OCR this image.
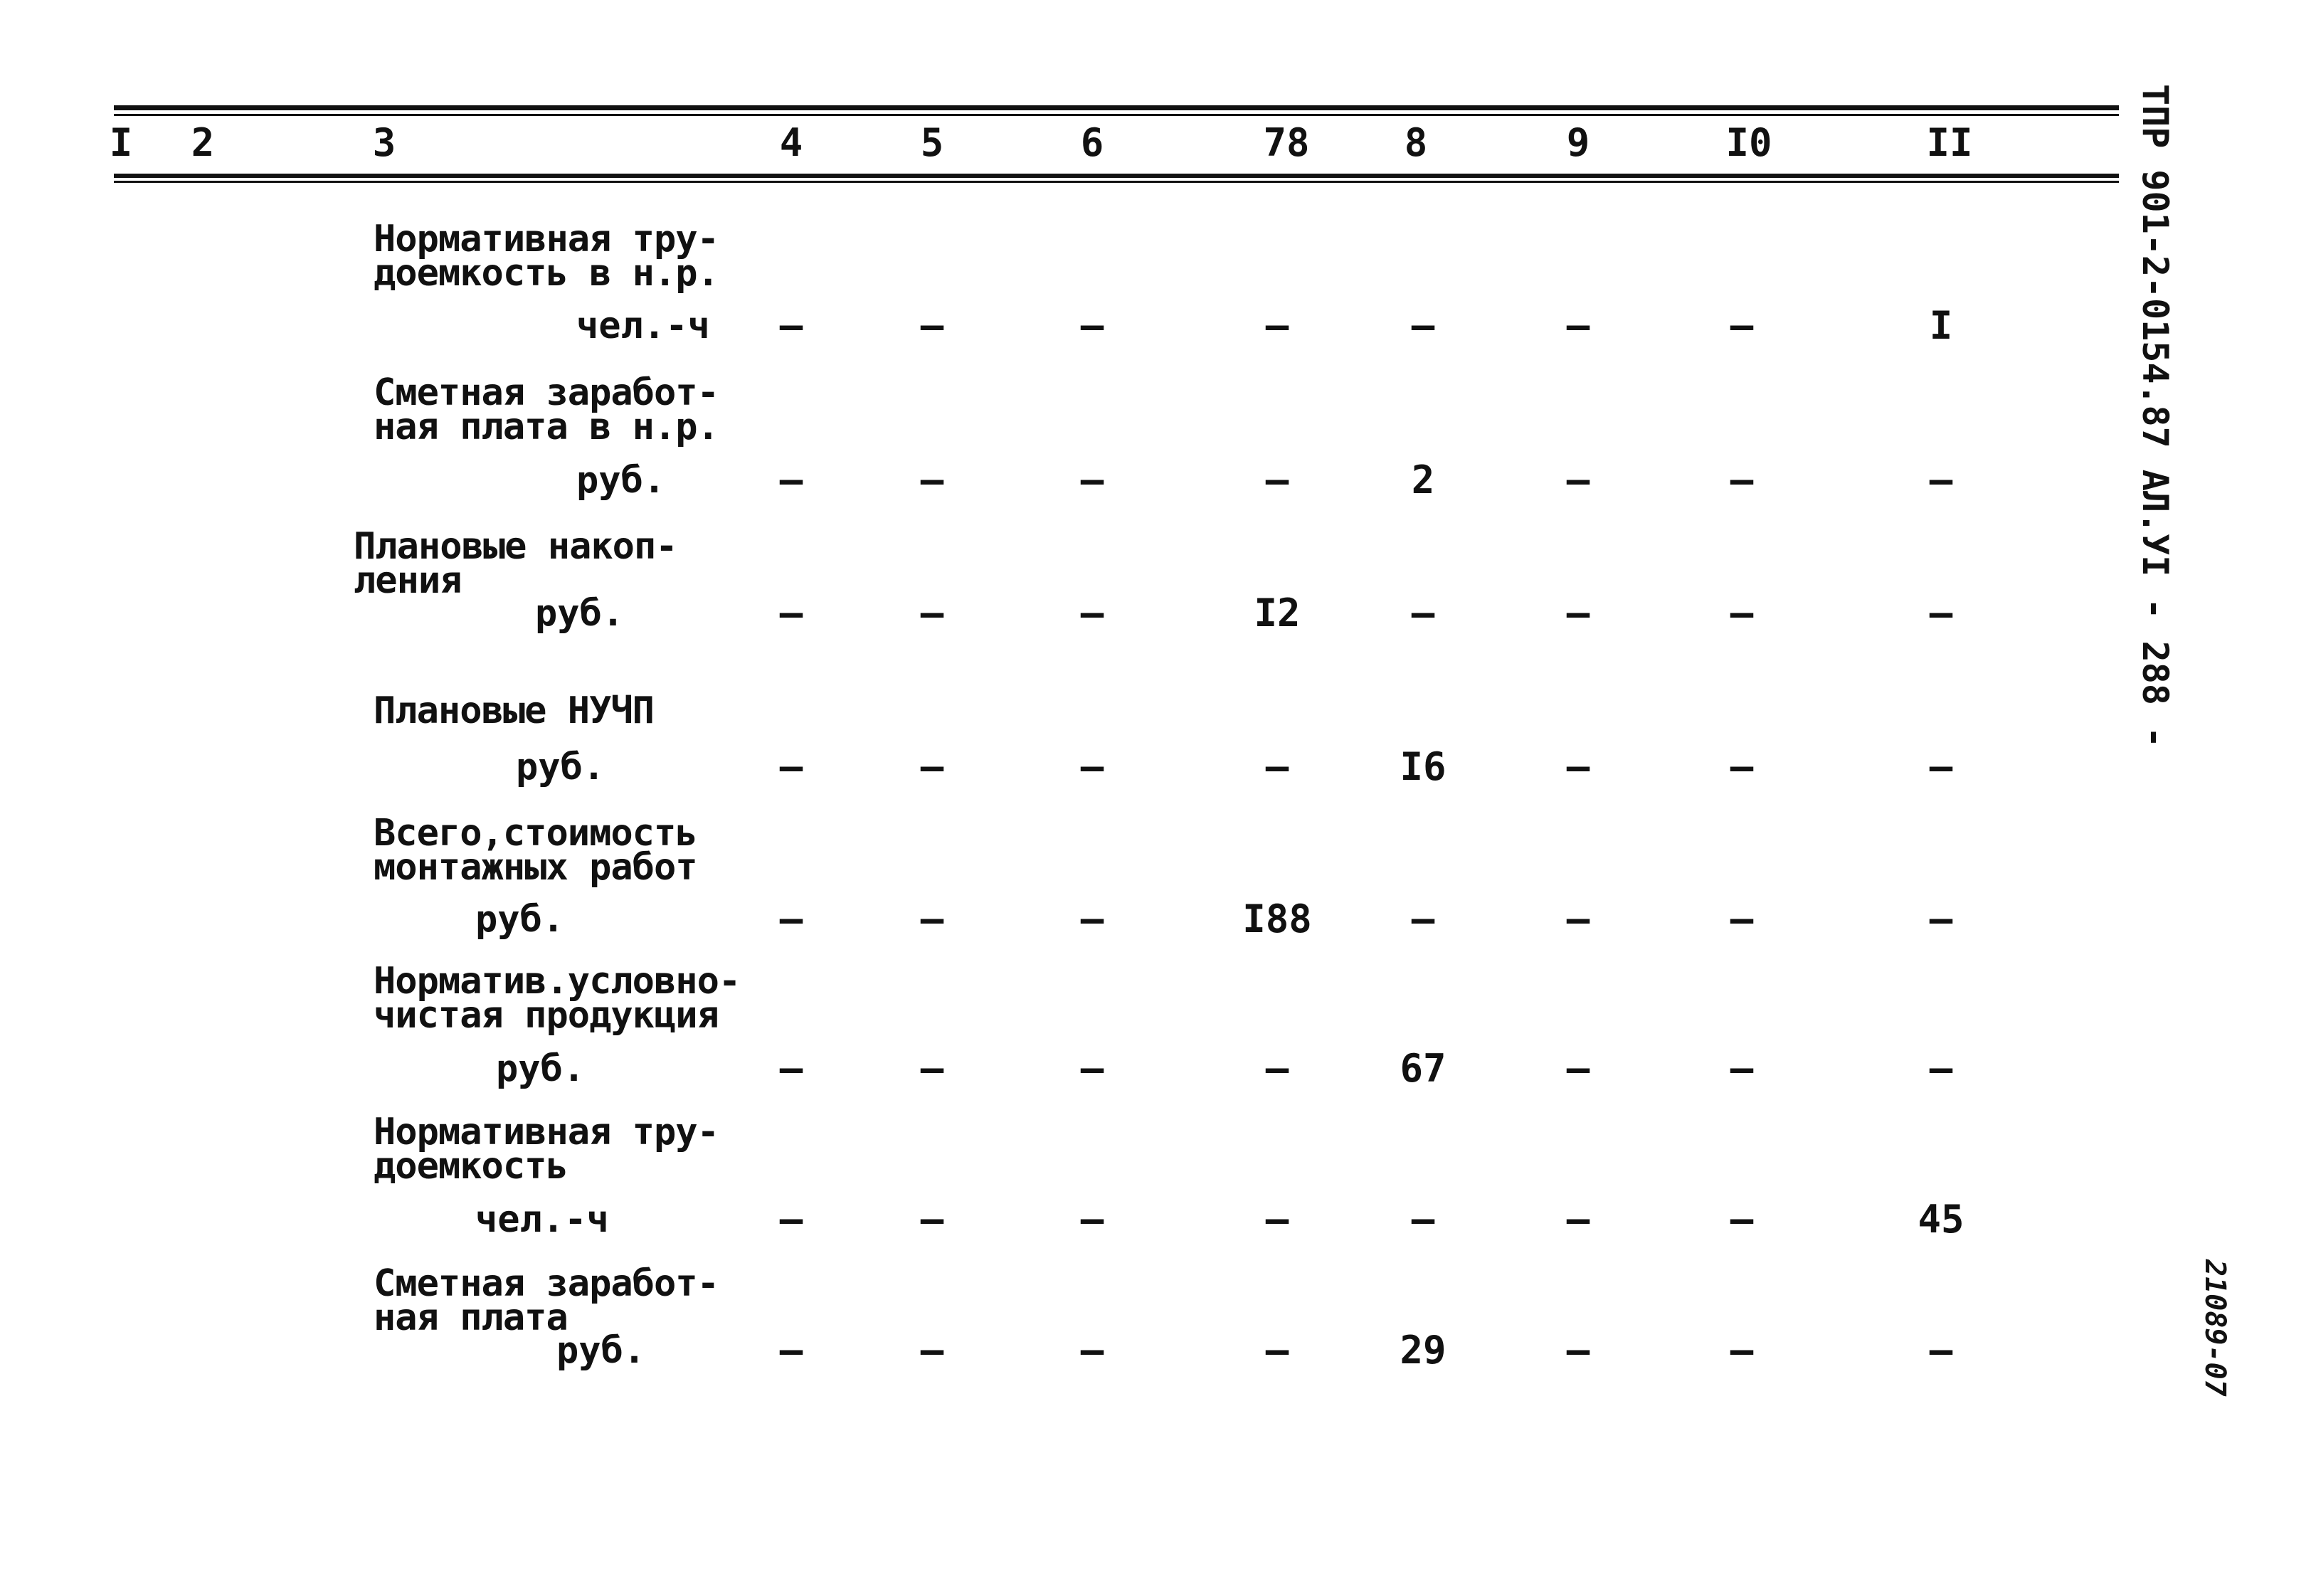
I	2	3	4	5	6	78	8	9	I0	II
Нормативная тру-
доемкость в н.р.
чел.-ч	–	–	–	–	–	–	–	I
Сметная заработ-
ная плата в н.р.
руб.	–	–	–	–	2	–	–	–
Плановые накоп-
ления
руб.	–	–	–	I2	–	–	–	–
Плановые НУЧП
руб.	–	–	–	–	I6	–	–	–
Всего,стоимость
монтажных работ
руб.	–	–	–	I88	–	–	–	–
Норматив.условно-
чистая продукция
руб.	–	–	–	–	67	–	–	–
Нормативная тру-
доемкость
чел.-ч	–	–	–	–	–	–	–	45
Сметная заработ-
ная плата
руб.	–	–	–	–	29	–	–	–
ТПР 901-2-0154.87 АЛ.УI - 288 -
21089-07
